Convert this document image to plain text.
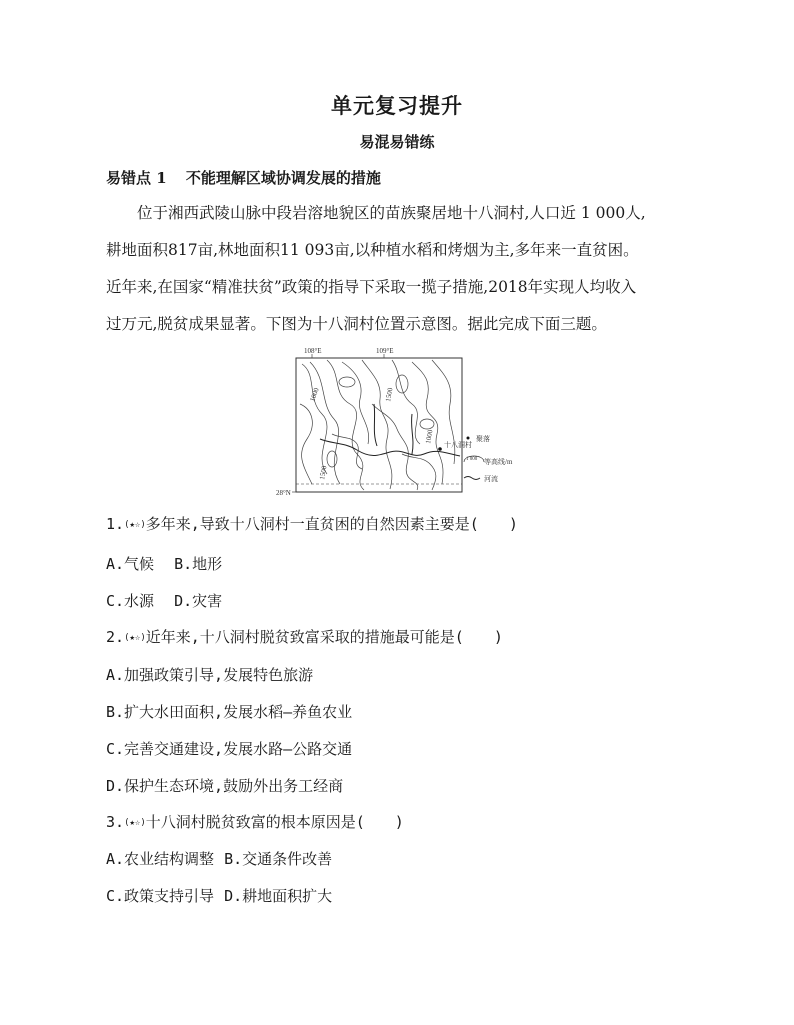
单元复习提升
易混易错练
易错点 1 不能理解区域协调发展的措施
　　位于湘西武陵山脉中段岩溶地貌区的苗族聚居地十八洞村,人口近 1 000人,
耕地面积817亩,林地面积11 093亩,以种植水稻和烤烟为主,多年来一直贫困。
近年来,在国家“精准扶贫”政策的指导下采取一揽子措施,2018年实现人均收入
过万元,脱贫成果显著。下图为十八洞村位置示意图。据此完成下面三题。
十八洞村
108°E	109°E
28°N
1000	1500
1000
1500
聚落
1 000 等高线/m
河流
1.(★☆)多年来,导致十八洞村一直贫困的自然因素主要是(　　)
A.气候 B.地形
C.水源 D.灾害
2.(★☆)近年来,十八洞村脱贫致富采取的措施最可能是(　　)
A.加强政策引导,发展特色旅游
B.扩大水田面积,发展水稻—养鱼农业
C.完善交通建设,发展水路—公路交通
D.保护生态环境,鼓励外出务工经商
3.(★☆)十八洞村脱贫致富的根本原因是(　　)
A.农业结构调整 B.交通条件改善
C.政策支持引导 D.耕地面积扩大
